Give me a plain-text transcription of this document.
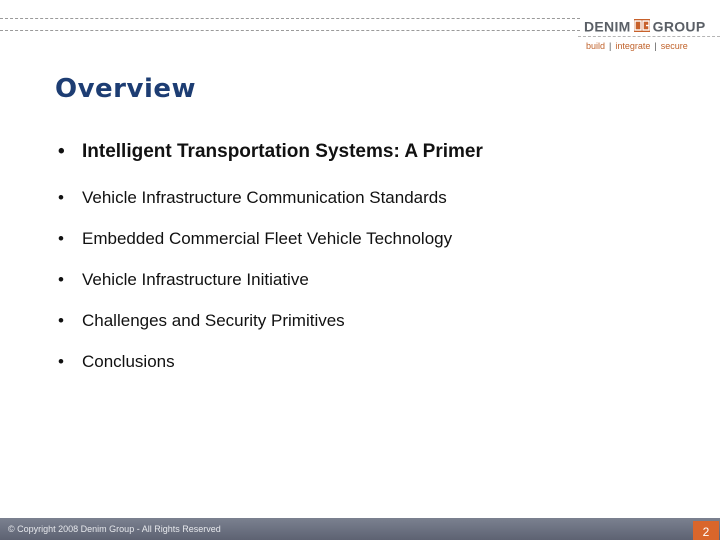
DENIM GROUP
build | integrate | secure
Overview
• Intelligent Transportation Systems: A Primer
•	Vehicle Infrastructure Communication Standards
•	Embedded Commercial Fleet Vehicle Technology
•	Vehicle Infrastructure Initiative
•	Challenges and Security Primitives
•	Conclusions
© Copyright 2008 Denim Group - All Rights Reserved	2
